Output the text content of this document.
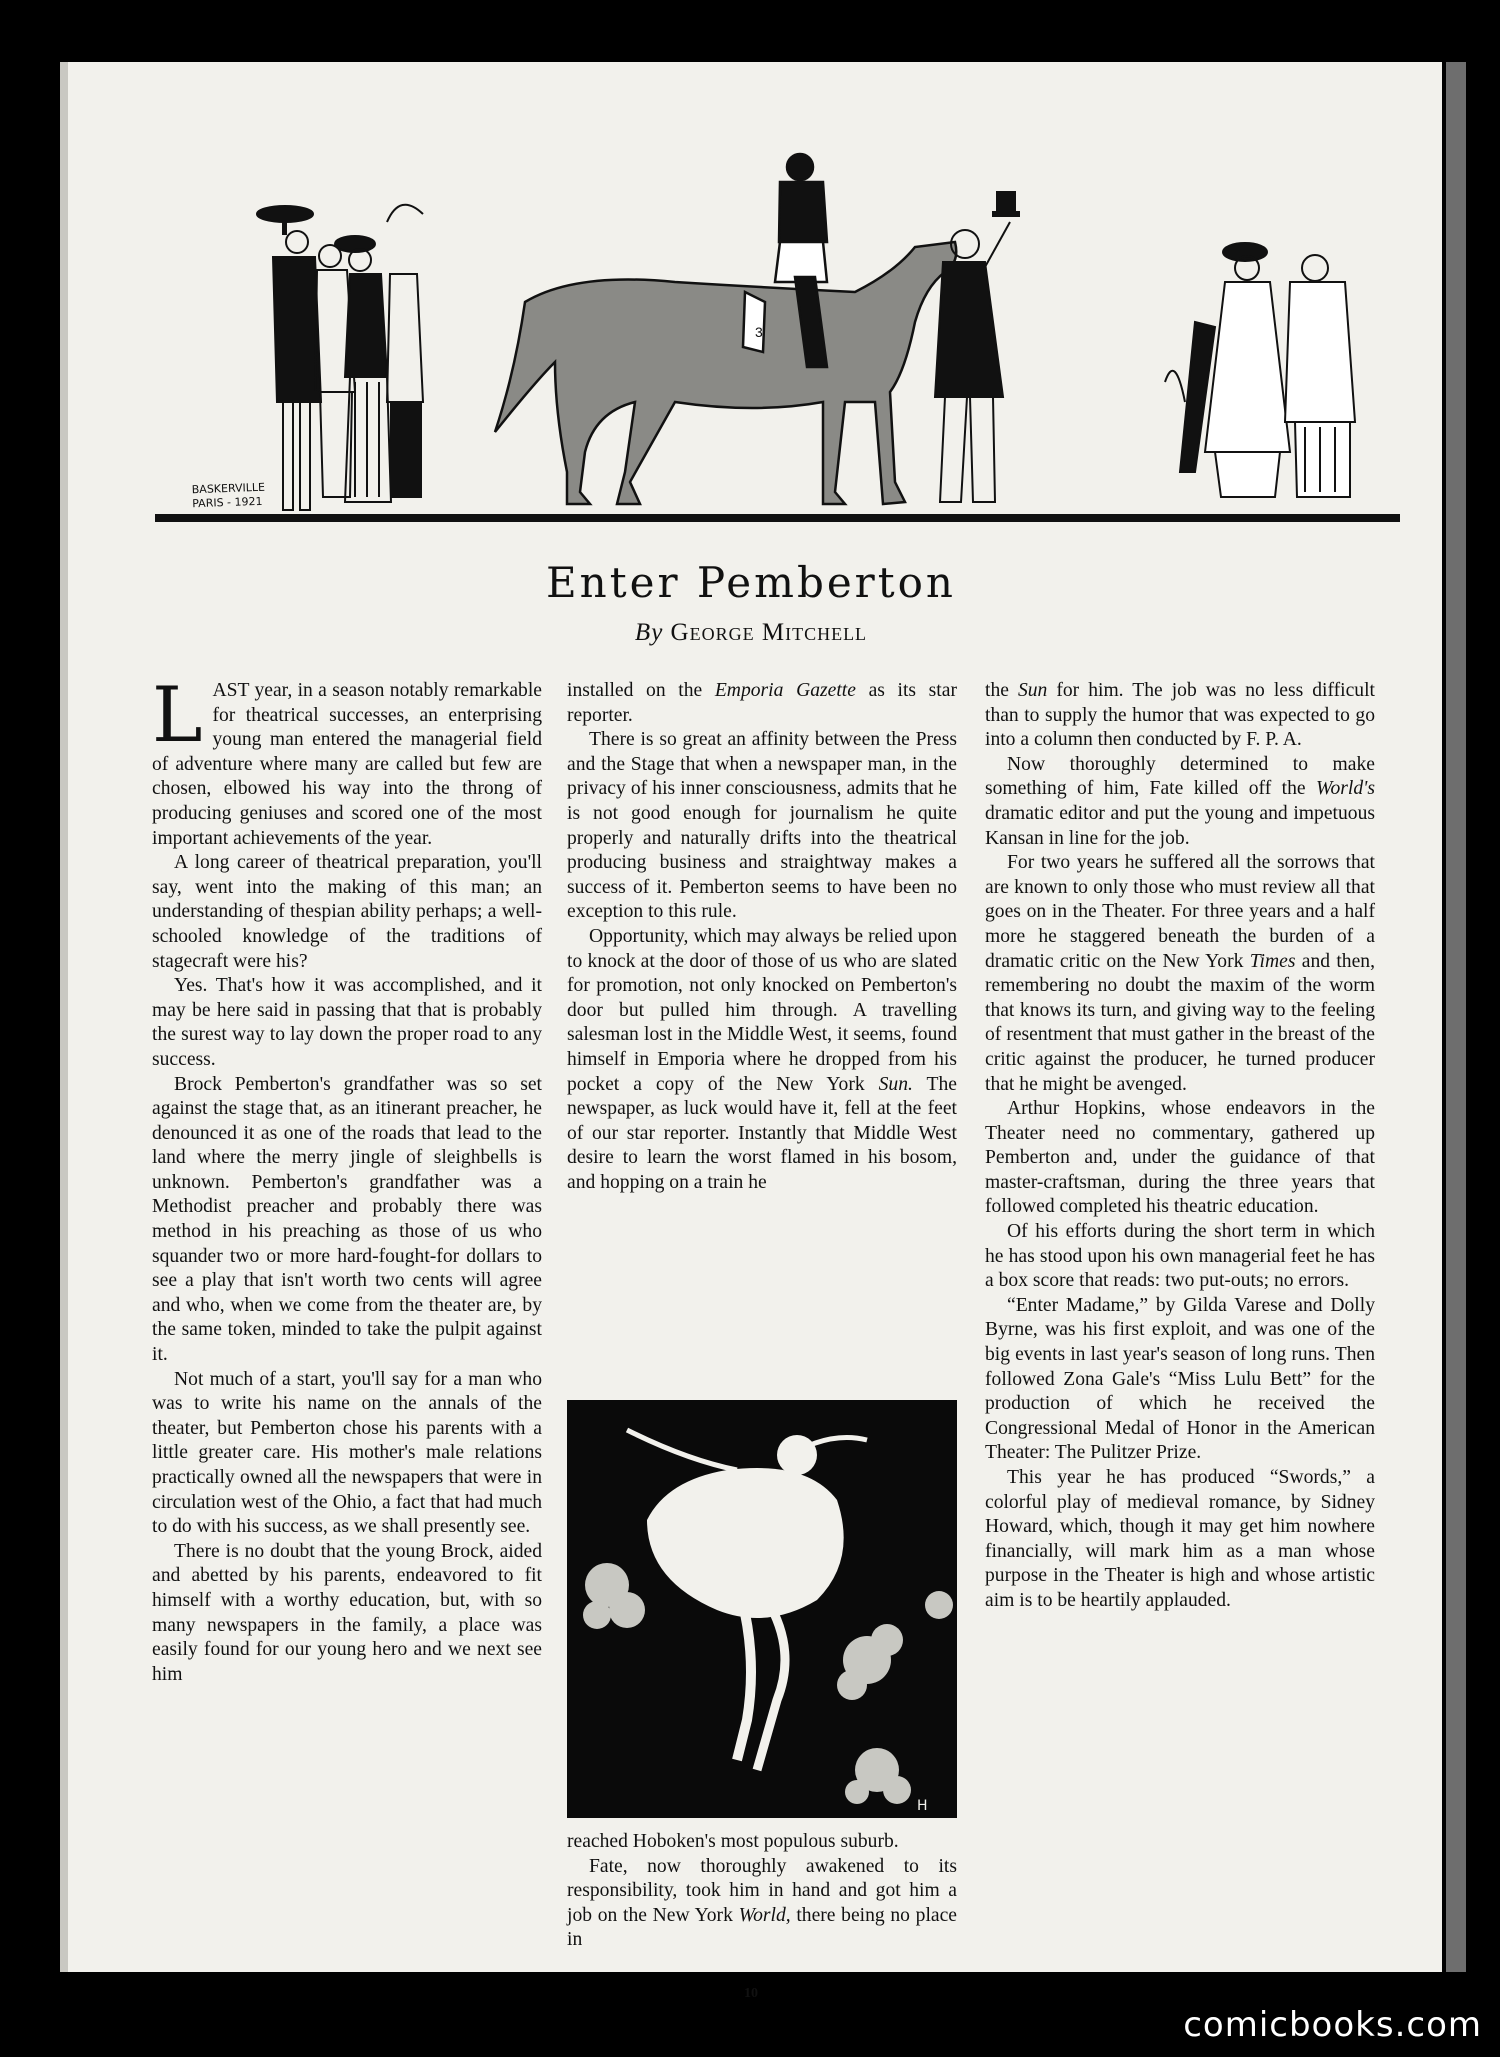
3
BASKERVILLE
PARIS - 1921
Enter Pemberton
By George Mitchell

LAST year, in a season notably remarkable for theatrical successes, an enterprising young man entered the managerial field of adventure where many are called but few are chosen, elbowed his way into the throng of producing geniuses and scored one of the most important achievements of the year.

A long career of theatrical preparation, you'll say, went into the making of this man; an understanding of thespian ability perhaps; a well-schooled knowledge of the traditions of stagecraft were his?

Yes. That's how it was accomplished, and it may be here said in passing that that is probably the surest way to lay down the proper road to any success.

Brock Pemberton's grandfather was so set against the stage that, as an itinerant preacher, he denounced it as one of the roads that lead to the land where the merry jingle of sleighbells is unknown. Pemberton's grandfather was a Methodist preacher and probably there was method in his preaching as those of us who squander two or more hard-fought-for dollars to see a play that isn't worth two cents will agree and who, when we come from the theater are, by the same token, minded to take the pulpit against it.

Not much of a start, you'll say for a man who was to write his name on the annals of the theater, but Pemberton chose his parents with a little greater care. His mother's male relations practically owned all the newspapers that were in circulation west of the Ohio, a fact that had much to do with his success, as we shall presently see.

There is no doubt that the young Brock, aided and abetted by his parents, endeavored to fit himself with a worthy education, but, with so many newspapers in the family, a place was easily found for our young hero and we next see him

installed on the Emporia Gazette as its star reporter.

There is so great an affinity between the Press and the Stage that when a newspaper man, in the privacy of his inner consciousness, admits that he is not good enough for journalism he quite properly and naturally drifts into the theatrical producing business and straightway makes a success of it. Pemberton seems to have been no exception to this rule.

Opportunity, which may always be relied upon to knock at the door of those of us who are slated for promotion, not only knocked on Pemberton's door but pulled him through. A travelling salesman lost in the Middle West, it seems, found himself in Emporia where he dropped from his pocket a copy of the New York Sun. The newspaper, as luck would have it, fell at the feet of our star reporter. Instantly that Middle West desire to learn the worst flamed in his bosom, and hopping on a train he

H

reached Hoboken's most populous suburb.

Fate, now thoroughly awakened to its responsibility, took him in hand and got him a job on the New York World, there being no place in

the Sun for him. The job was no less difficult than to supply the humor that was expected to go into a column then conducted by F. P. A.

Now thoroughly determined to make something of him, Fate killed off the World's dramatic editor and put the young and impetuous Kansan in line for the job.

For two years he suffered all the sorrows that are known to only those who must review all that goes on in the Theater. For three years and a half more he staggered beneath the burden of a dramatic critic on the New York Times and then, remembering no doubt the maxim of the worm that knows its turn, and giving way to the feeling of resentment that must gather in the breast of the critic against the producer, he turned producer that he might be avenged.

Arthur Hopkins, whose endeavors in the Theater need no commentary, gathered up Pemberton and, under the guidance of that master-craftsman, during the three years that followed completed his theatric education.

Of his efforts during the short term in which he has stood upon his own managerial feet he has a box score that reads: two put-outs; no errors.

“Enter Madame,” by Gilda Varese and Dolly Byrne, was his first exploit, and was one of the big events in last year's season of long runs. Then followed Zona Gale's “Miss Lulu Bett” for the production of which he received the Congressional Medal of Honor in the American Theater: The Pulitzer Prize.

This year he has produced “Swords,” a colorful play of medieval romance, by Sidney Howard, which, though it may get him nowhere financially, will mark him as a man whose purpose in the Theater is high and whose artistic aim is to be heartily applauded.

10
comicbooks.com
